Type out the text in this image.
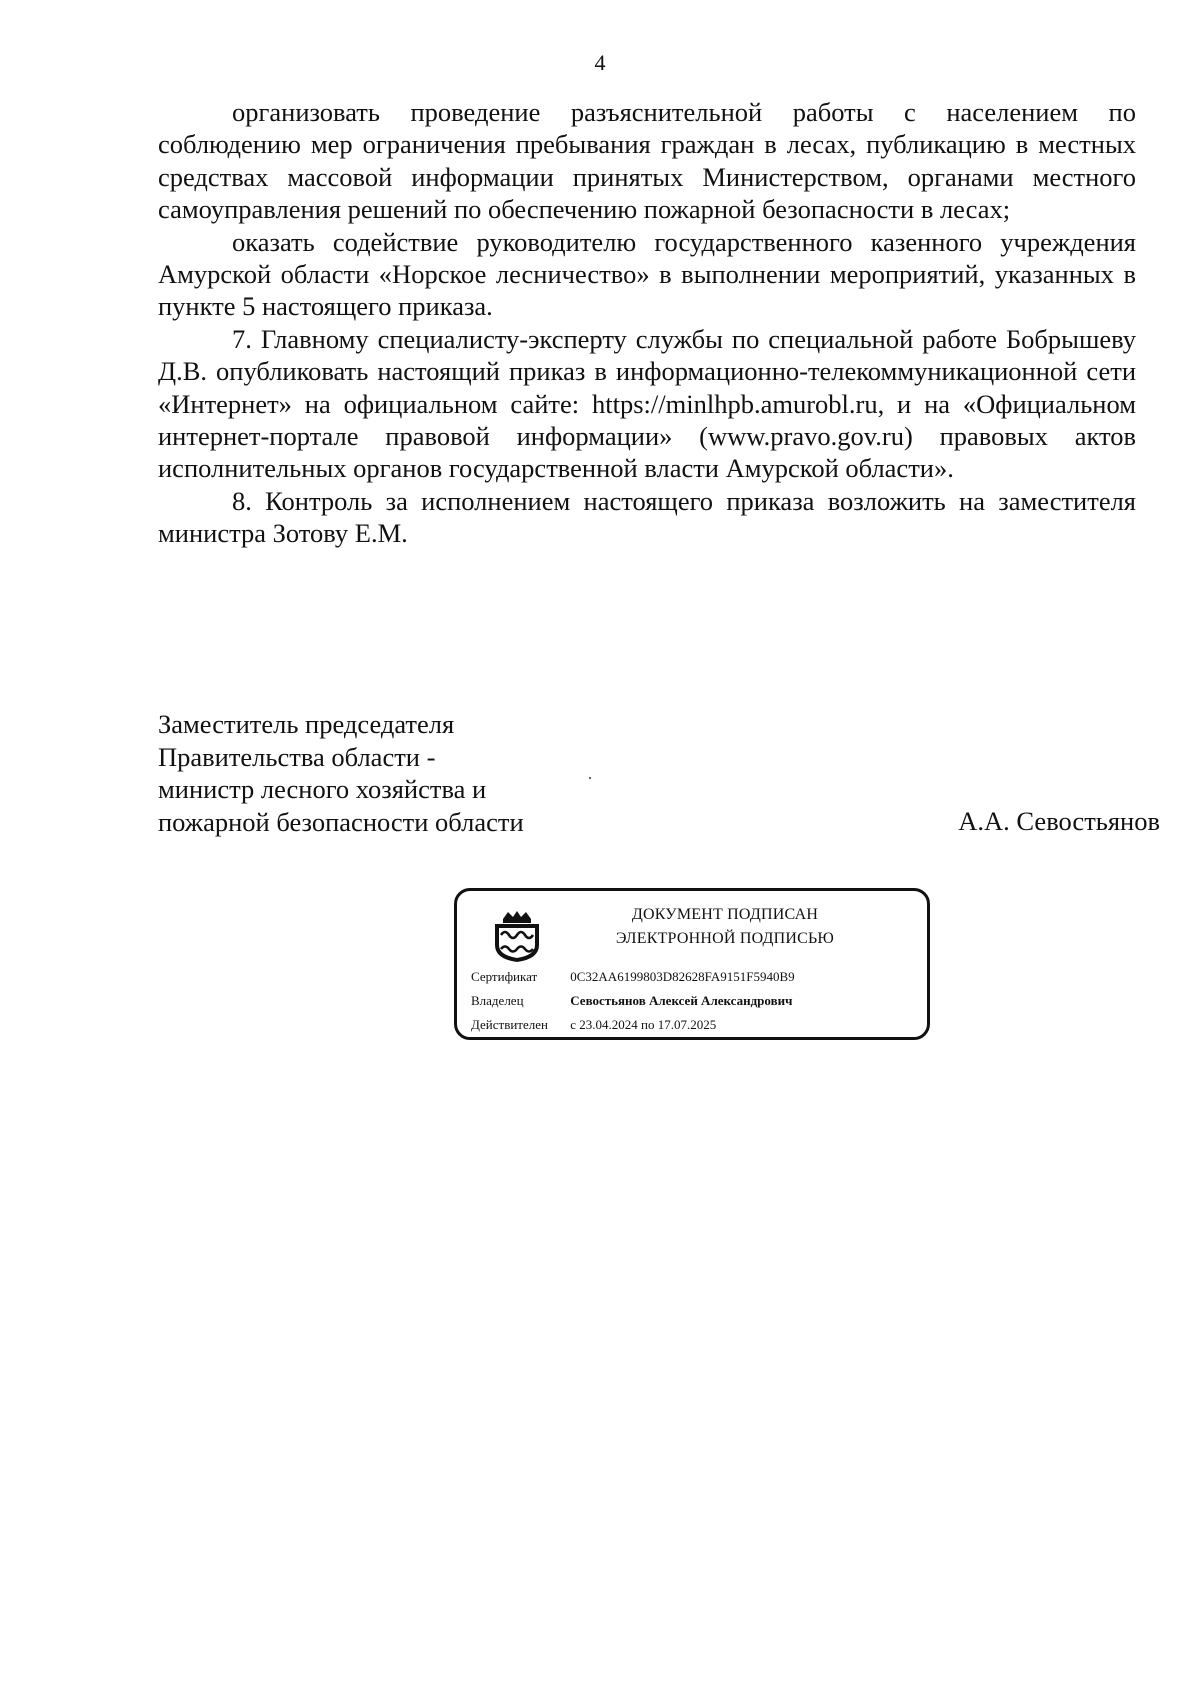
4

организовать проведение разъяснительной работы с населением по соблюдению мер ограничения пребывания граждан в лесах, публикацию в местных средствах массовой информации принятых Министерством, органами местного самоуправления решений по обеспечению пожарной безопасности в лесах;

оказать содействие руководителю государственного казенного учреждения Амурской области «Норское лесничество» в выполнении мероприятий, указанных в пункте 5 настоящего приказа.

7. Главному специалисту-эксперту службы по специальной работе Бобрышеву Д.В. опубликовать настоящий приказ в информационно-телекоммуникационной сети «Интернет» на официальном сайте: https://minlhpb.amurobl.ru, и на «Официальном интернет-портале правовой информации» (www.pravo.gov.ru) правовых актов исполнительных органов государственной власти Амурской области».

8. Контроль за исполнением настоящего приказа возложить на заместителя министра Зотову Е.М.

Заместитель председателя
Правительства области -
министр лесного хозяйства и
пожарной безопасности области	А.А. Севостьянов
ДОКУМЕНТ ПОДПИСАН
ЭЛЕКТРОННОЙ ПОДПИСЬЮ
Сертификат	0C32AA6199803D82628FA9151F5940B9
Владелец	Севостьянов Алексей Александрович
Действителен с 23.04.2024 по 17.07.2025
